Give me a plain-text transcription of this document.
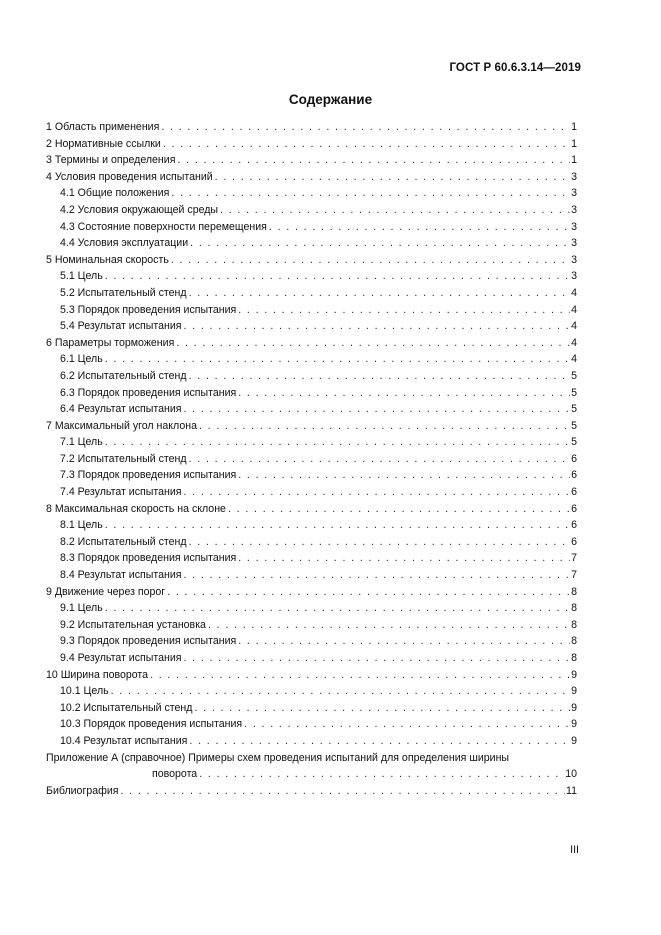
ГОСТ Р 60.6.3.14—2019
Содержание
1 Область применения . . .	1
2 Нормативные ссылки . . .	1
3 Термины и определения . . .	1
4 Условия проведения испытаний . . .	3
4.1 Общие положения . . .	3
4.2 Условия окружающей среды . . .	3
4.3 Состояние поверхности перемещения . . .	3
4.4 Условия эксплуатации . . .	3
5 Номинальная скорость . . .	3
5.1 Цель . . .	3
5.2 Испытательный стенд . . .	4
5.3 Порядок проведения испытания . . .	4
5.4 Результат испытания . . .	4
6 Параметры торможения . . .	4
6.1 Цель . . .	4
6.2 Испытательный стенд . . .	5
6.3 Порядок проведения испытания . . .	5
6.4 Результат испытания . . .	5
7 Максимальный угол наклона . . .	5
7.1 Цель . . .	5
7.2 Испытательный стенд . . .	6
7.3 Порядок проведения испытания . . .	6
7.4 Результат испытания . . .	6
8 Максимальная скорость на склоне . . .	6
8.1 Цель . . .	6
8.2 Испытательный стенд . . .	6
8.3 Порядок проведения испытания . . .	7
8.4 Результат испытания . . .	7
9 Движение через порог . . .	8
9.1 Цель . . .	8
9.2 Испытательная установка . . .	8
9.3 Порядок проведения испытания . . .	8
9.4 Результат испытания . . .	8
10 Ширина поворота . . .	9
10.1 Цель . . .	9
10.2 Испытательный стенд . . .	9
10.3 Порядок проведения испытания . . .	9
10.4 Результат испытания . . .	9
Приложение А (справочное) Примеры схем проведения испытаний для определения ширины
поворота . . .	10
Библиография . . .	11
III
